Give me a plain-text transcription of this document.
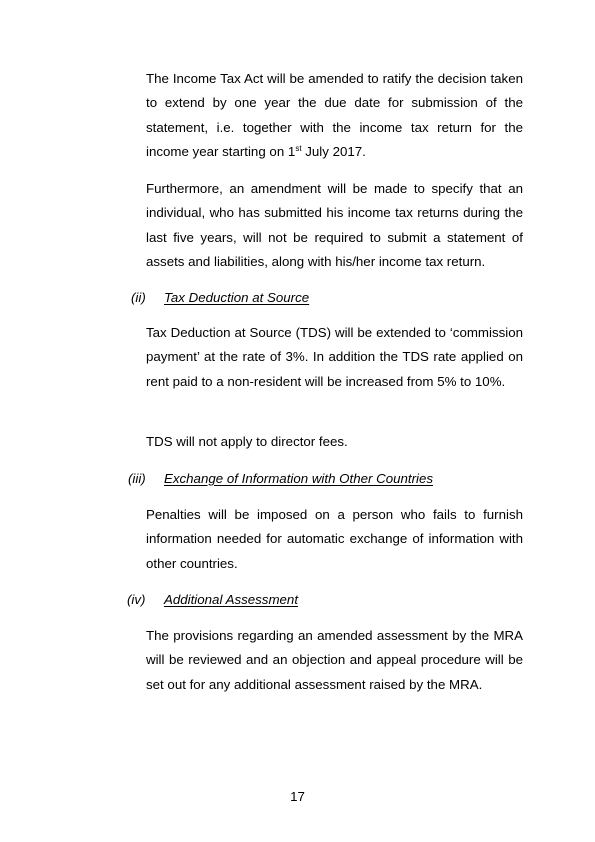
The Income Tax Act will be amended to ratify the decision taken to extend by one year the due date for submission of the statement, i.e. together with the income tax return for the income year starting on 1st July 2017.

Furthermore, an amendment will be made to specify that an individual, who has submitted his income tax returns during the last five years, will not be required to submit a statement of assets and liabilities, along with his/her income tax return.

(ii) Tax Deduction at Source

Tax Deduction at Source (TDS) will be extended to ‘commission payment’ at the rate of 3%. In addition the TDS rate applied on rent paid to a non-resident will be increased from 5% to 10%.

TDS will not apply to director fees.

(iii) Exchange of Information with Other Countries

Penalties will be imposed on a person who fails to furnish information needed for automatic exchange of information with other countries.

(iv) Additional Assessment

The provisions regarding an amended assessment by the MRA will be reviewed and an objection and appeal procedure will be set out for any additional assessment raised by the MRA.

17
